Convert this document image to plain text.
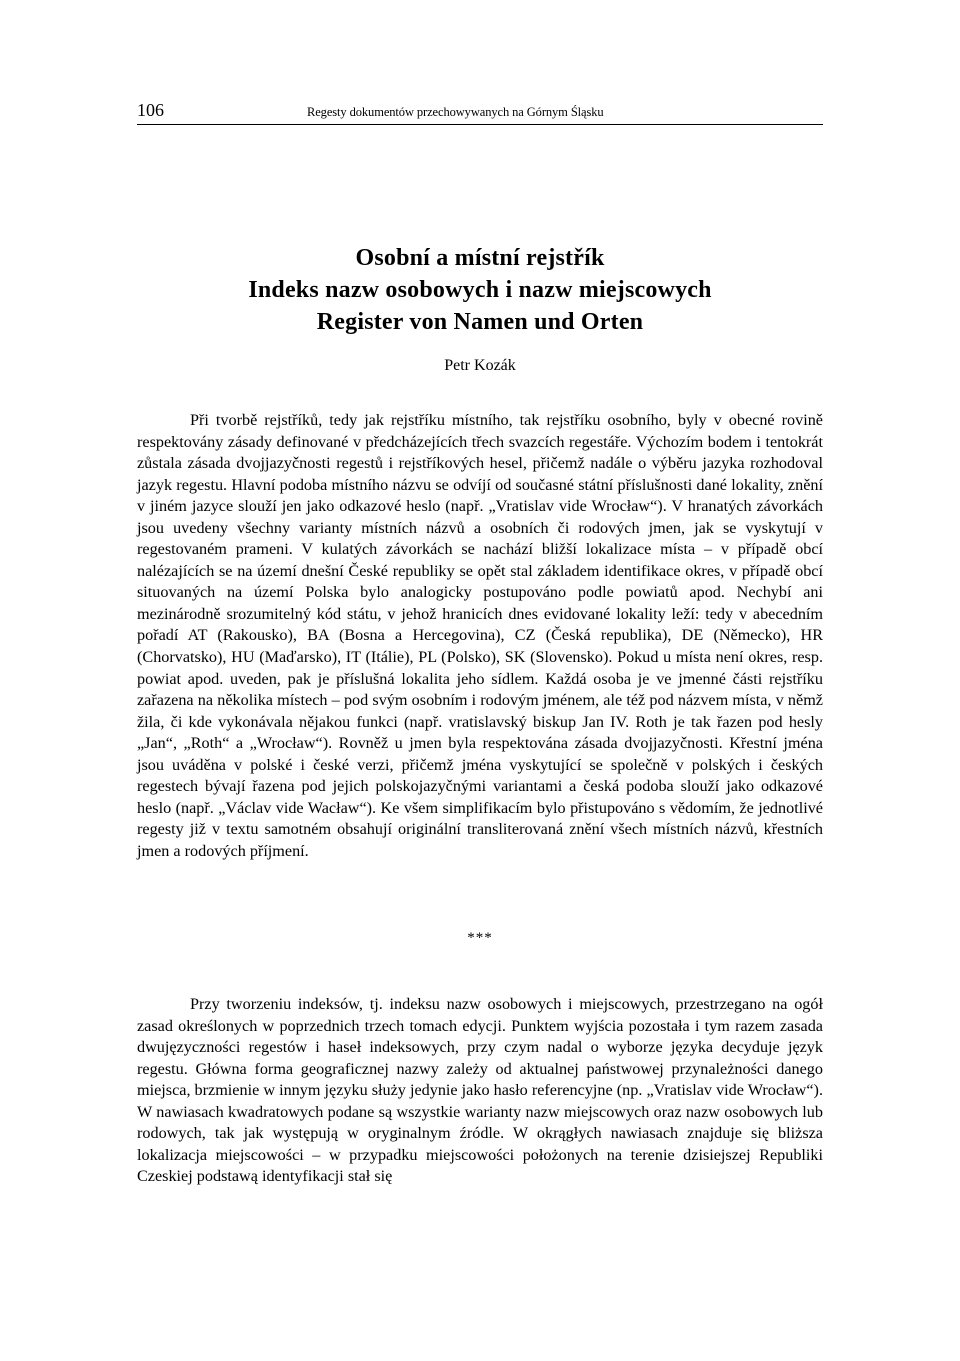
106	Regesty dokumentów przechowywanych na Górnym Śląsku
Osobní a místní rejstřík
Indeks nazw osobowych i nazw miejscowych
Register von Namen und Orten
Petr Kozák

Při tvorbě rejstříků, tedy jak rejstříku místního, tak rejstříku osobního, byly v obecné rovině respektovány zásady definované v předcházejících třech svazcích regestáře. Výchozím bodem i tentokrát zůstala zásada dvojjazyčnosti regestů i rejstříkových hesel, přičemž nadále o výběru jazyka rozhodoval jazyk regestu. Hlavní podoba místního názvu se odvíjí od současné státní příslušnosti dané lokality, znění v jiném jazyce slouží jen jako odkazové heslo (např. „Vratislav vide Wrocław“). V hranatých závorkách jsou uvedeny všechny varianty místních názvů a osobních či rodových jmen, jak se vyskytují v regestovaném prameni. V kulatých závorkách se nachází bližší lokalizace místa – v případě obcí nalézajících se na území dnešní České republiky se opět stal základem identifikace okres, v případě obcí situovaných na území Polska bylo analogicky postupováno podle powiatů apod. Nechybí ani mezinárodně srozumitelný kód státu, v jehož hranicích dnes evidované lokality leží: tedy v abecedním pořadí AT (Rakousko), BA (Bosna a Hercegovina), CZ (Česká republika), DE (Německo), HR (Chorvatsko), HU (Maďarsko), IT (Itálie), PL (Polsko), SK (Slovensko). Pokud u místa není okres, resp. powiat apod. uveden, pak je příslušná lokalita jeho sídlem. Každá osoba je ve jmenné části rejstříku zařazena na několika místech – pod svým osobním i rodovým jménem, ale též pod názvem místa, v němž žila, či kde vykonávala nějakou funkci (např. vratislavský biskup Jan IV. Roth je tak řazen pod hesly „Jan“, „Roth“ a „Wrocław“). Rovněž u jmen byla respektována zásada dvojjazyčnosti. Křestní jména jsou uváděna v polské i české verzi, přičemž jména vyskytující se společně v polských i českých regestech bývají řazena pod jejich polskojazyčnými variantami a česká podoba slouží jako odkazové heslo (např. „Václav vide Wacław“). Ke všem simplifikacím bylo přistupováno s vědomím, že jednotlivé regesty již v textu samotném obsahují originální transliterovaná znění všech místních názvů, křestních jmen a rodových příjmení.

***

Przy tworzeniu indeksów, tj. indeksu nazw osobowych i miejscowych, przestrzegano na ogół zasad określonych w poprzednich trzech tomach edycji. Punktem wyjścia pozostała i tym razem zasada dwujęzyczności regestów i haseł indeksowych, przy czym nadal o wyborze języka decyduje język regestu. Główna forma geograficznej nazwy zależy od aktualnej państwowej przynależności danego miejsca, brzmienie w innym języku służy jedynie jako hasło referencyjne (np. „Vratislav vide Wrocław“). W nawiasach kwadratowych podane są wszystkie warianty nazw miejscowych oraz nazw osobowych lub rodowych, tak jak występują w oryginalnym źródle. W okrągłych nawiasach znajduje się bliższa lokalizacja miejscowości – w przypadku miejscowości położonych na terenie dzisiejszej Republiki Czeskiej podstawą identyfikacji stał się
